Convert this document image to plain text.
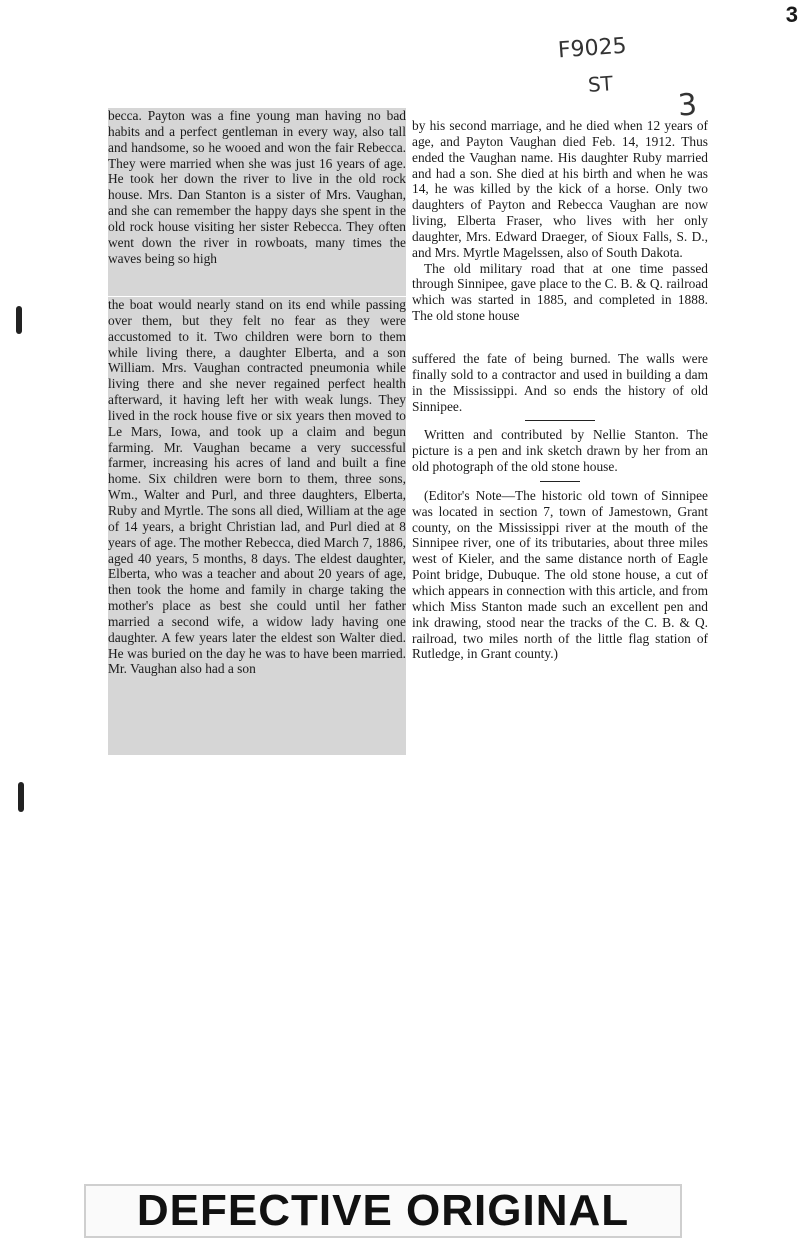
3
F9025
ST
3

becca. Payton was a fine young man having no bad habits and a perfect gentleman in every way, also tall and handsome, so he wooed and won the fair Rebecca. They were married when she was just 16 years of age. He took her down the river to live in the old rock house. Mrs. Dan Stanton is a sister of Mrs. Vaughan, and she can remember the happy days she spent in the old rock house visiting her sister Rebecca. They often went down the river in rowboats, many times the waves being so high

the boat would nearly stand on its end while passing over them, but they felt no fear as they were accustomed to it. Two children were born to them while living there, a daughter Elberta, and a son William. Mrs. Vaughan contracted pneumonia while living there and she never regained perfect health afterward, it having left her with weak lungs. They lived in the rock house five or six years then moved to Le Mars, Iowa, and took up a claim and begun farming. Mr. Vaughan became a very successful farmer, increasing his acres of land and built a fine home. Six children were born to them, three sons, Wm., Walter and Purl, and three daughters, Elberta, Ruby and Myrtle. The sons all died, William at the age of 14 years, a bright Christian lad, and Purl died at 8 years of age. The mother Rebecca, died March 7, 1886, aged 40 years, 5 months, 8 days. The eldest daughter, Elberta, who was a teacher and about 20 years of age, then took the home and family in charge taking the mother's place as best she could until her father married a second wife, a widow lady having one daughter. A few years later the eldest son Walter died. He was buried on the day he was to have been married. Mr. Vaughan also had a son

by his second marriage, and he died when 12 years of age, and Payton Vaughan died Feb. 14, 1912. Thus ended the Vaughan name. His daughter Ruby married and had a son. She died at his birth and when he was 14, he was killed by the kick of a horse. Only two daughters of Payton and Rebecca Vaughan are now living, Elberta Fraser, who lives with her only daughter, Mrs. Edward Draeger, of Sioux Falls, S. D., and Mrs. Myrtle Magelssen, also of South Dakota.

The old military road that at one time passed through Sinnipee, gave place to the C. B. & Q. railroad which was started in 1885, and completed in 1888. The old stone house

suffered the fate of being burned. The walls were finally sold to a contractor and used in building a dam in the Mississippi. And so ends the history of old Sinnipee.

Written and contributed by Nellie Stanton. The picture is a pen and ink sketch drawn by her from an old photograph of the old stone house.

(Editor's Note—The historic old town of Sinnipee was located in section 7, town of Jamestown, Grant county, on the Mississippi river at the mouth of the Sinnipee river, one of its tributaries, about three miles west of Kieler, and the same distance north of Eagle Point bridge, Dubuque. The old stone house, a cut of which appears in connection with this article, and from which Miss Stanton made such an excellent pen and ink drawing, stood near the tracks of the C. B. & Q. railroad, two miles north of the little flag station of Rutledge, in Grant county.)

DEFECTIVE ORIGINAL
